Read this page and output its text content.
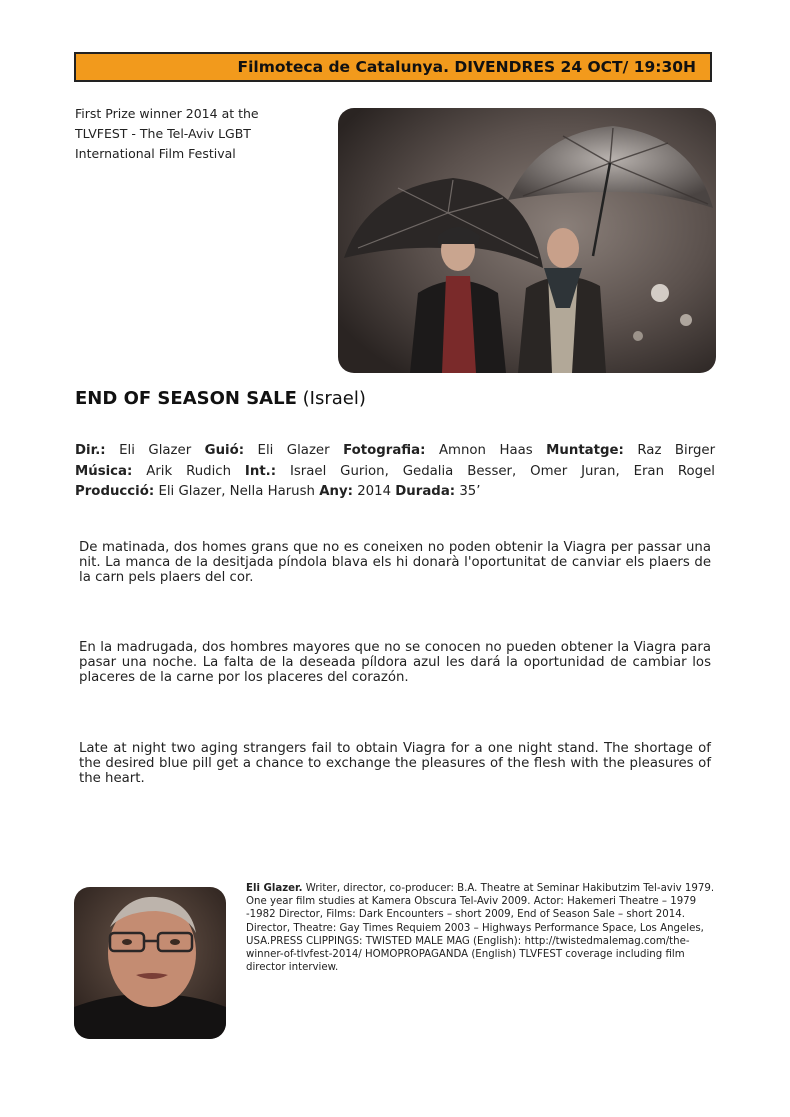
Filmoteca de Catalunya. DIVENDRES 24 OCT/ 19:30H
First Prize winner 2014 at the
TLVFEST - The Tel-Aviv LGBT
International Film Festival
END OF SEASON SALE (Israel)
Dir.: Eli Glazer Guió: Eli Glazer Fotografia: Amnon Haas Muntatge: Raz Birger
Música: Arik Rudich Int.: Israel Gurion, Gedalia Besser, Omer Juran, Eran Rogel
Producció: Eli Glazer, Nella Harush Any: 2014 Durada: 35’
De matinada, dos homes grans que no es coneixen no poden obtenir la Viagra per passar una nit. La manca de la desitjada píndola blava els hi donarà l'oportunitat de canviar els plaers de la carn pels plaers del cor.
En la madrugada, dos hombres mayores que no se conocen no pueden obtener la Viagra para pasar una noche. La falta de la deseada píldora azul les dará la oportunidad de cambiar los placeres de la carne por los placeres del corazón.
Late at night two aging strangers fail to obtain Viagra for a one night stand. The shortage of the desired blue pill get a chance to exchange the pleasures of the flesh with the pleasures of the heart.
Eli Glazer. Writer, director, co-producer: B.A. Theatre at Seminar Hakibutzim Tel-aviv 1979. One year film studies at Kamera Obscura Tel-Aviv 2009. Actor: Hakemeri Theatre – 1979 -1982 Director, Films: Dark Encounters – short 2009, End of Season Sale – short 2014. Director, Theatre: Gay Times Requiem 2003 – Highways Performance Space, Los Angeles, USA.PRESS CLIPPINGS: TWISTED MALE MAG (English): http://twistedmalemag.com/the-winner-of-tlvfest-2014/ HOMOPROPAGANDA (English) TLVFEST coverage including film director interview.
